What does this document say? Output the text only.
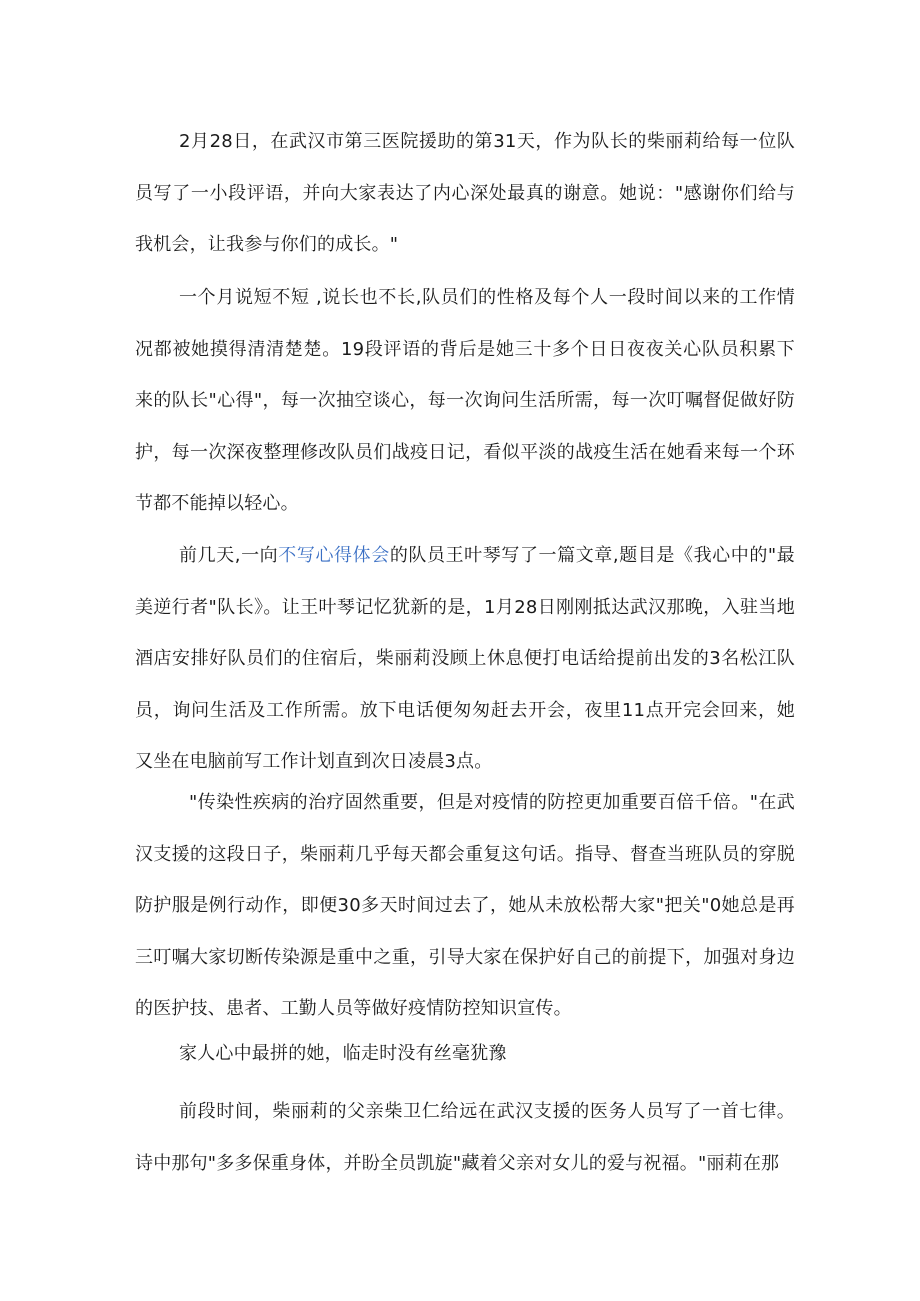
2月28日，在武汉市第三医院援助的第31天，作为队长的柴丽莉给每一位队员写了一小段评语，并向大家表达了内心深处最真的谢意。她说："感谢你们给与我机会，让我参与你们的成长。"

一个月说短不短 ,说长也不长,队员们的性格及每个人一段时间以来的工作情况都被她摸得清清楚楚。19段评语的背后是她三十多个日日夜夜关心队员积累下来的队长"心得"，每一次抽空谈心，每一次询问生活所需，每一次叮嘱督促做好防护，每一次深夜整理修改队员们战疫日记，看似平淡的战疫生活在她看来每一个环节都不能掉以轻心。

前几天,一向不写心得体会的队员王叶琴写了一篇文章,题目是《我心中的"最美逆行者"队长》。让王叶琴记忆犹新的是，1月28日刚刚抵达武汉那晚，入驻当地酒店安排好队员们的住宿后，柴丽莉没顾上休息便打电话给提前出发的3名松江队员，询问生活及工作所需。放下电话便匆匆赶去开会，夜里11点开完会回来，她又坐在电脑前写工作计划直到次日凌晨3点。

"传染性疾病的治疗固然重要，但是对疫情的防控更加重要百倍千倍。"在武汉支援的这段日子，柴丽莉几乎每天都会重复这句话。指导、督查当班队员的穿脱防护服是例行动作，即便30多天时间过去了，她从未放松帮大家"把关"0她总是再三叮嘱大家切断传染源是重中之重，引导大家在保护好自己的前提下，加强对身边的医护技、患者、工勤人员等做好疫情防控知识宣传。

家人心中最拼的她，临走时没有丝毫犹豫

前段时间，柴丽莉的父亲柴卫仁给远在武汉支援的医务人员写了一首七律。诗中那句"多多保重身体，并盼全员凯旋"藏着父亲对女儿的爱与祝福。"丽莉在那
